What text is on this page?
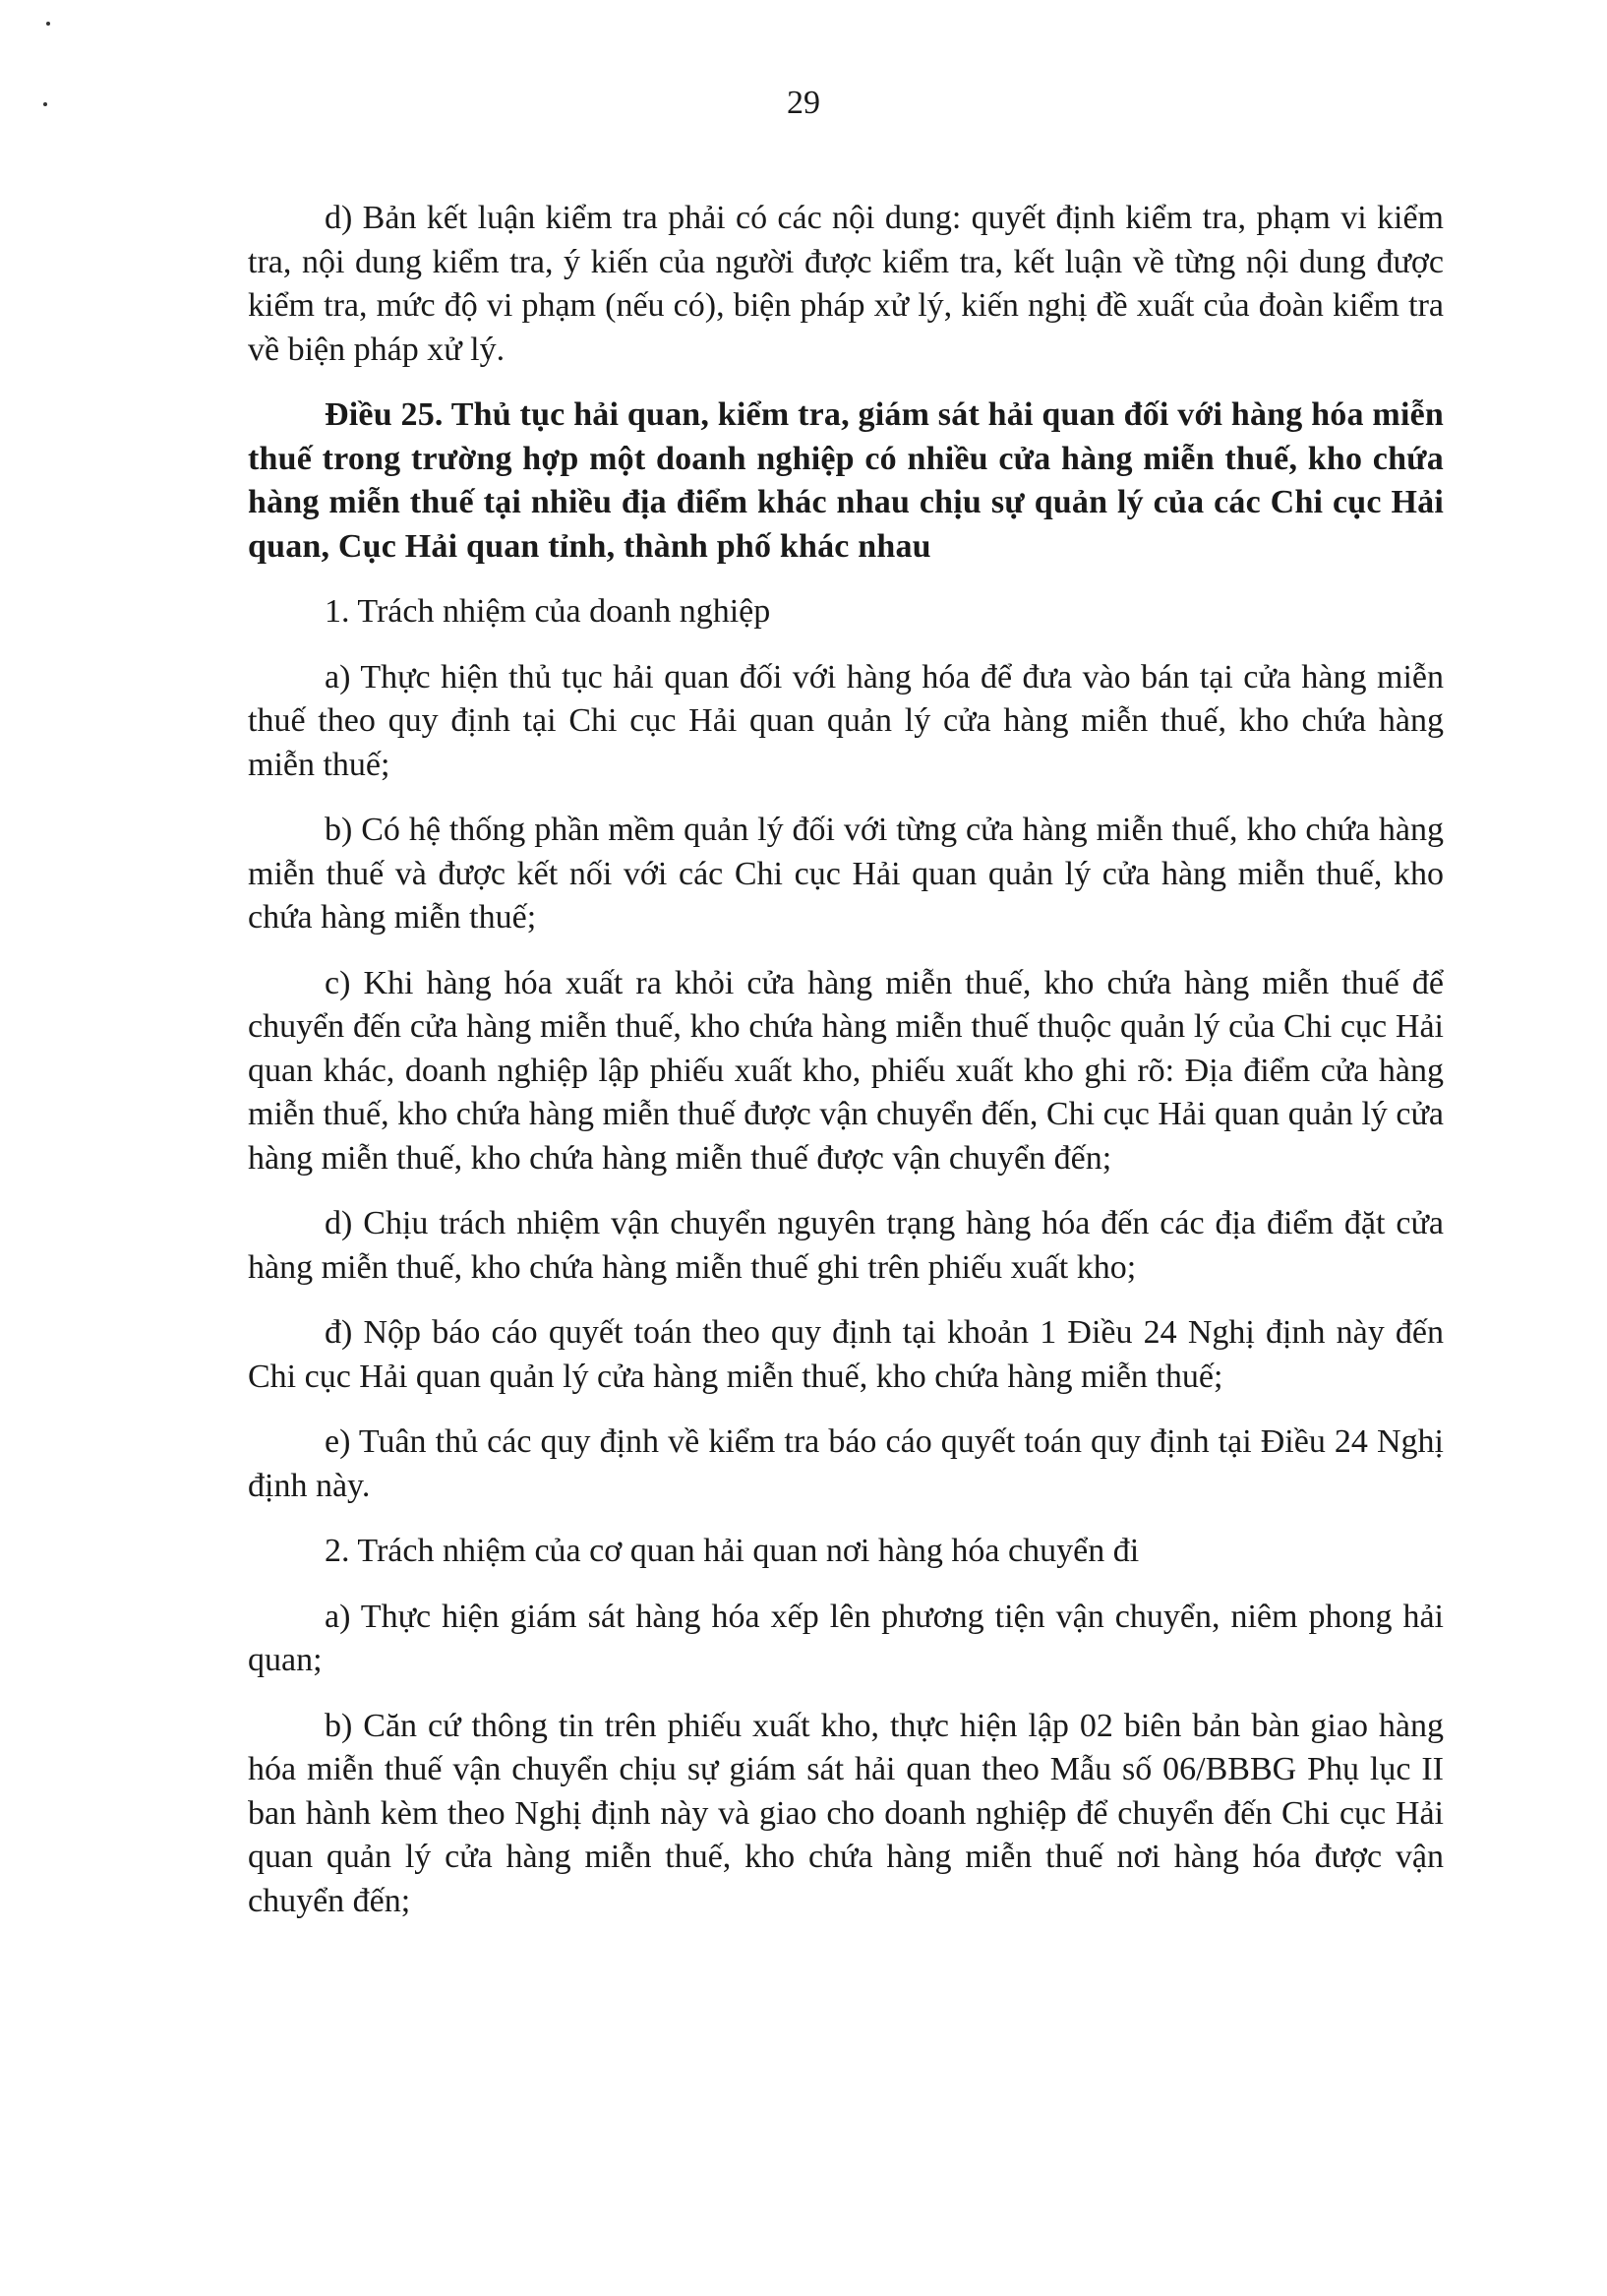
29

d) Bản kết luận kiểm tra phải có các nội dung: quyết định kiểm tra, phạm vi kiểm tra, nội dung kiểm tra, ý kiến của người được kiểm tra, kết luận về từng nội dung được kiểm tra, mức độ vi phạm (nếu có), biện pháp xử lý, kiến nghị đề xuất của đoàn kiểm tra về biện pháp xử lý.

Điều 25. Thủ tục hải quan, kiểm tra, giám sát hải quan đối với hàng hóa miễn thuế trong trường hợp một doanh nghiệp có nhiều cửa hàng miễn thuế, kho chứa hàng miễn thuế tại nhiều địa điểm khác nhau chịu sự quản lý của các Chi cục Hải quan, Cục Hải quan tỉnh, thành phố khác nhau

1. Trách nhiệm của doanh nghiệp

a) Thực hiện thủ tục hải quan đối với hàng hóa để đưa vào bán tại cửa hàng miễn thuế theo quy định tại Chi cục Hải quan quản lý cửa hàng miễn thuế, kho chứa hàng miễn thuế;

b) Có hệ thống phần mềm quản lý đối với từng cửa hàng miễn thuế, kho chứa hàng miễn thuế và được kết nối với các Chi cục Hải quan quản lý cửa hàng miễn thuế, kho chứa hàng miễn thuế;

c) Khi hàng hóa xuất ra khỏi cửa hàng miễn thuế, kho chứa hàng miễn thuế để chuyển đến cửa hàng miễn thuế, kho chứa hàng miễn thuế thuộc quản lý của Chi cục Hải quan khác, doanh nghiệp lập phiếu xuất kho, phiếu xuất kho ghi rõ: Địa điểm cửa hàng miễn thuế, kho chứa hàng miễn thuế được vận chuyển đến, Chi cục Hải quan quản lý cửa hàng miễn thuế, kho chứa hàng miễn thuế được vận chuyển đến;

d) Chịu trách nhiệm vận chuyển nguyên trạng hàng hóa đến các địa điểm đặt cửa hàng miễn thuế, kho chứa hàng miễn thuế ghi trên phiếu xuất kho;

đ) Nộp báo cáo quyết toán theo quy định tại khoản 1 Điều 24 Nghị định này đến Chi cục Hải quan quản lý cửa hàng miễn thuế, kho chứa hàng miễn thuế;

e) Tuân thủ các quy định về kiểm tra báo cáo quyết toán quy định tại Điều 24 Nghị định này.

2. Trách nhiệm của cơ quan hải quan nơi hàng hóa chuyển đi

a) Thực hiện giám sát hàng hóa xếp lên phương tiện vận chuyển, niêm phong hải quan;

b) Căn cứ thông tin trên phiếu xuất kho, thực hiện lập 02 biên bản bàn giao hàng hóa miễn thuế vận chuyển chịu sự giám sát hải quan theo Mẫu số 06/BBBG Phụ lục II ban hành kèm theo Nghị định này và giao cho doanh nghiệp để chuyển đến Chi cục Hải quan quản lý cửa hàng miễn thuế, kho chứa hàng miễn thuế nơi hàng hóa được vận chuyển đến;
